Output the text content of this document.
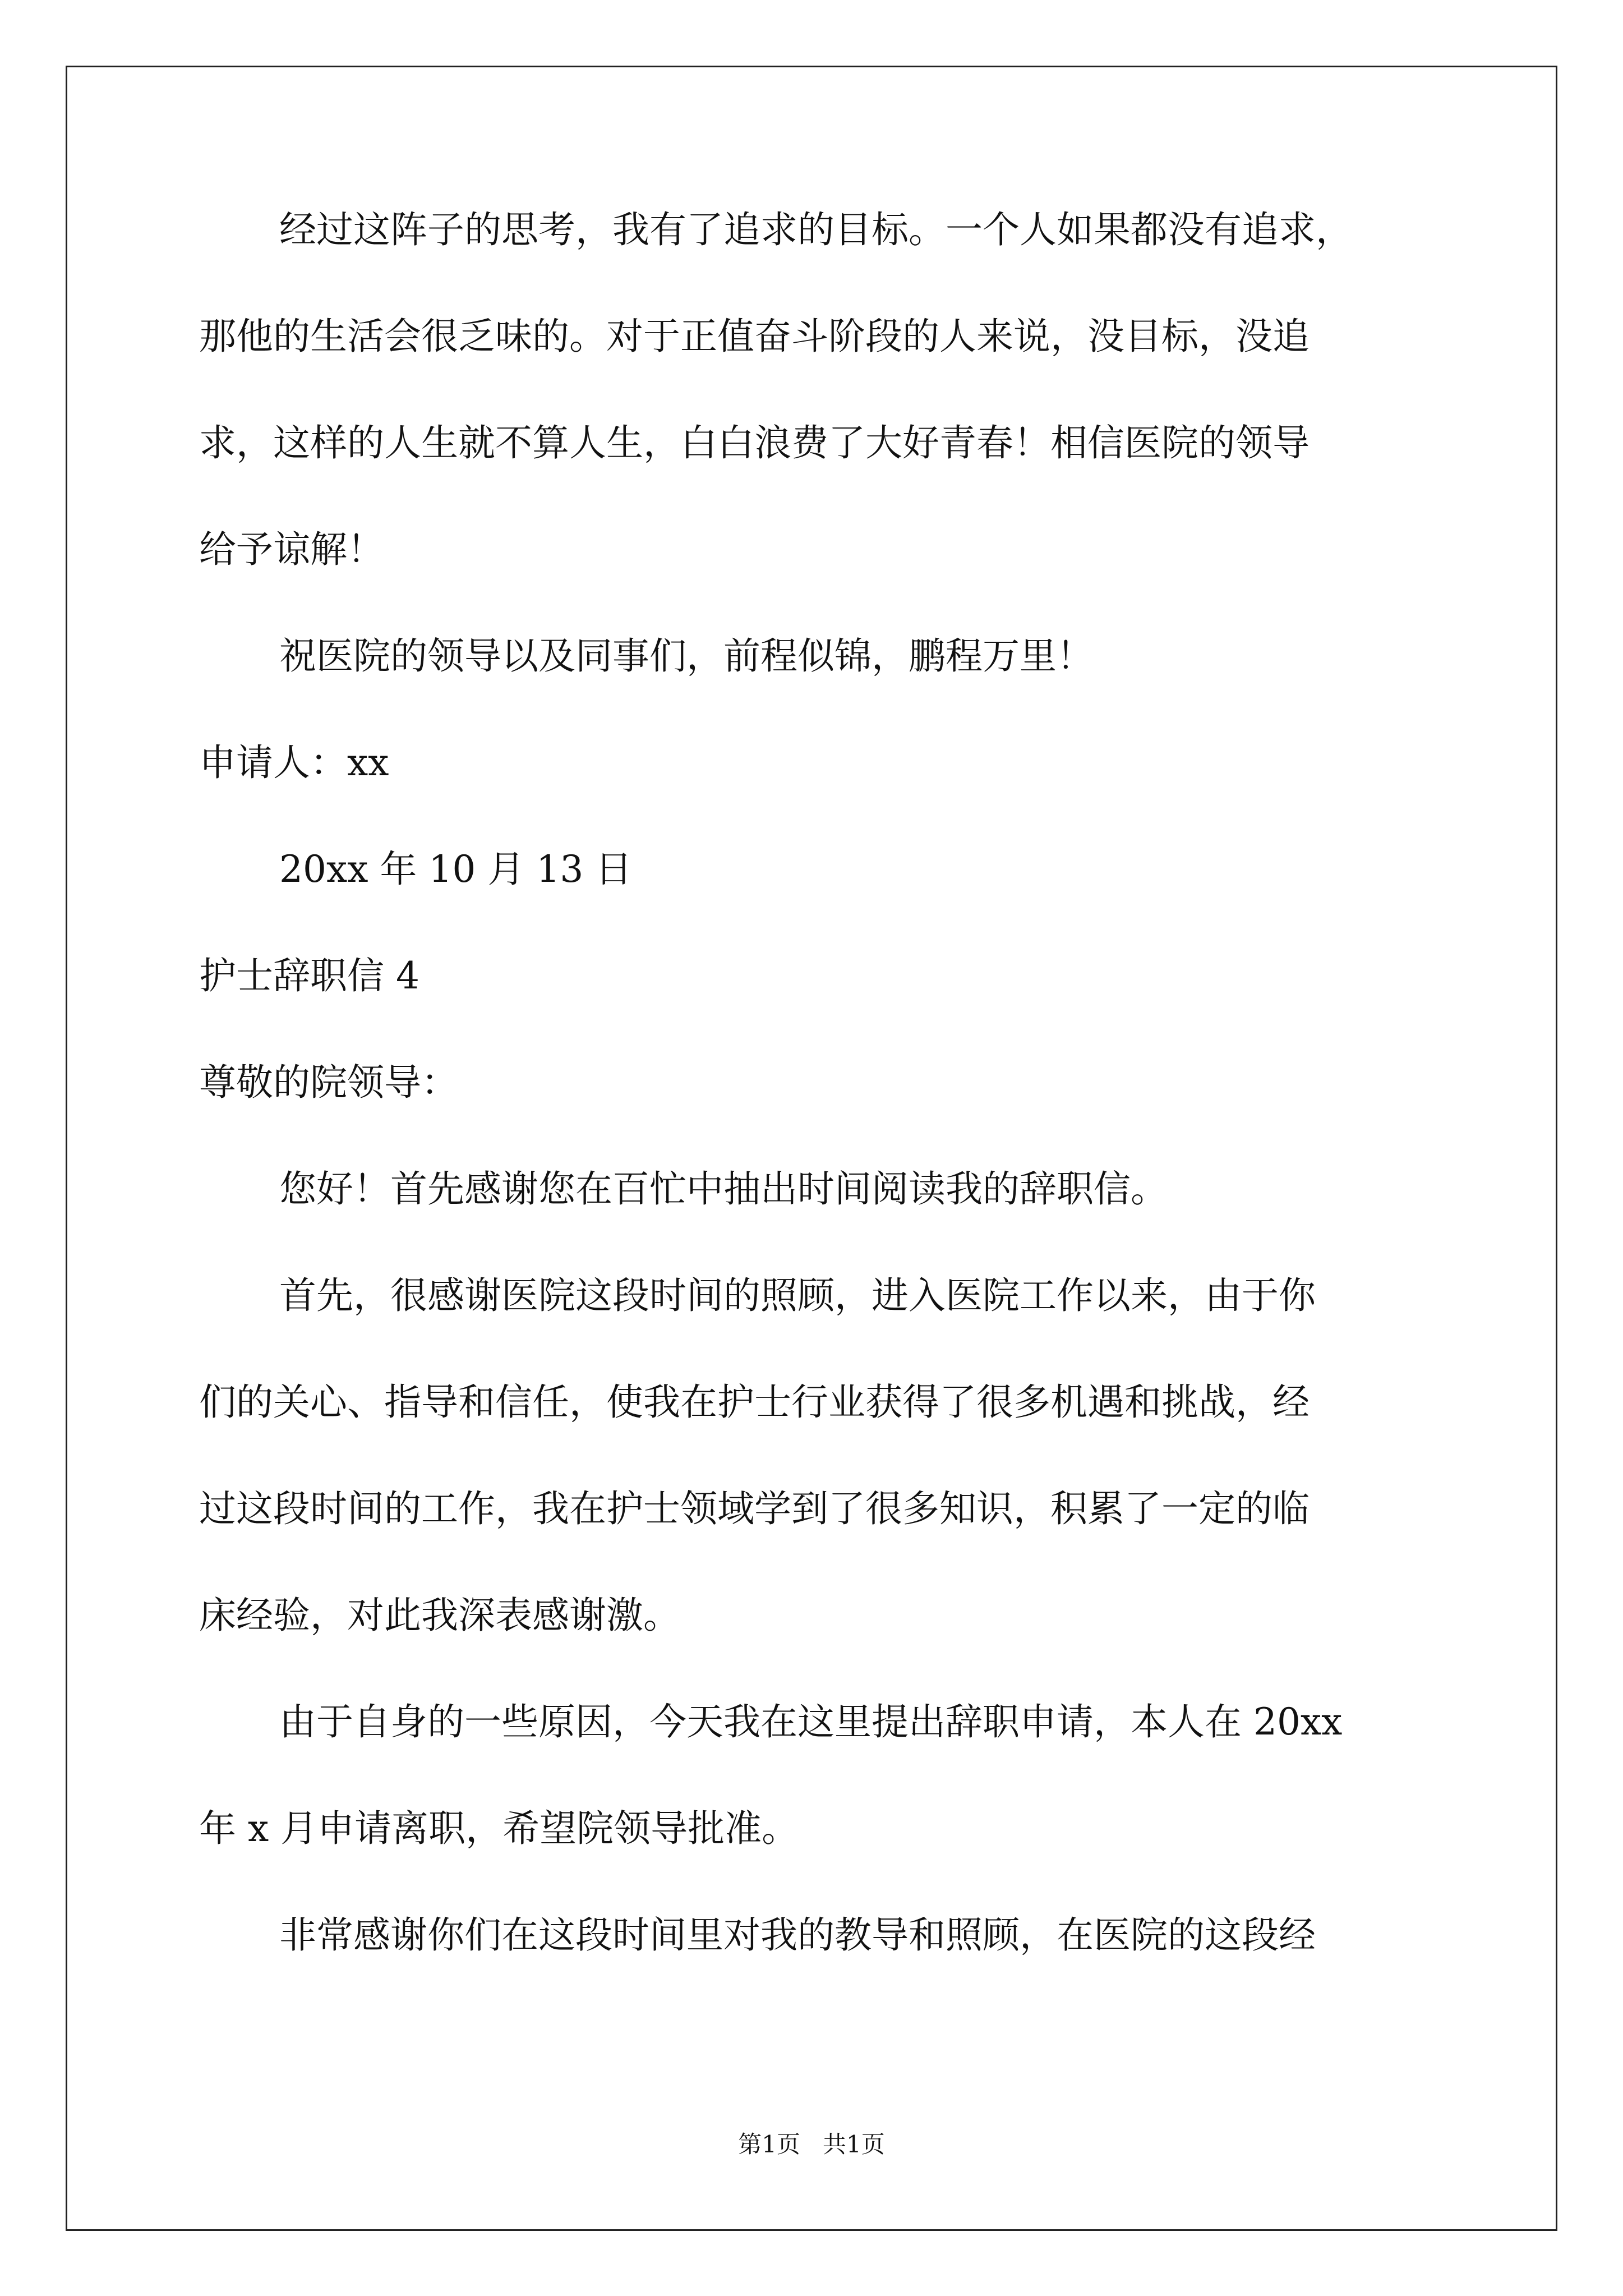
经过这阵子的思考，我有了追求的目标。一个人如果都没有追求，
那他的生活会很乏味的。对于正值奋斗阶段的人来说，没目标，没追
求，这样的人生就不算人生，白白浪费了大好青春！相信医院的领导
给予谅解！
祝医院的领导以及同事们，前程似锦，鹏程万里！
申请人：xx
20xx 年 10 月 13 日
护士辞职信 4
尊敬的院领导：
您好！首先感谢您在百忙中抽出时间阅读我的辞职信。
首先，很感谢医院这段时间的照顾，进入医院工作以来，由于你
们的关心、指导和信任，使我在护士行业获得了很多机遇和挑战，经
过这段时间的工作，我在护士领域学到了很多知识，积累了一定的临
床经验，对此我深表感谢激。
由于自身的一些原因，今天我在这里提出辞职申请，本人在 20xx
年 x 月申请离职，希望院领导批准。
非常感谢你们在这段时间里对我的教导和照顾，在医院的这段经
第1页   共1页
